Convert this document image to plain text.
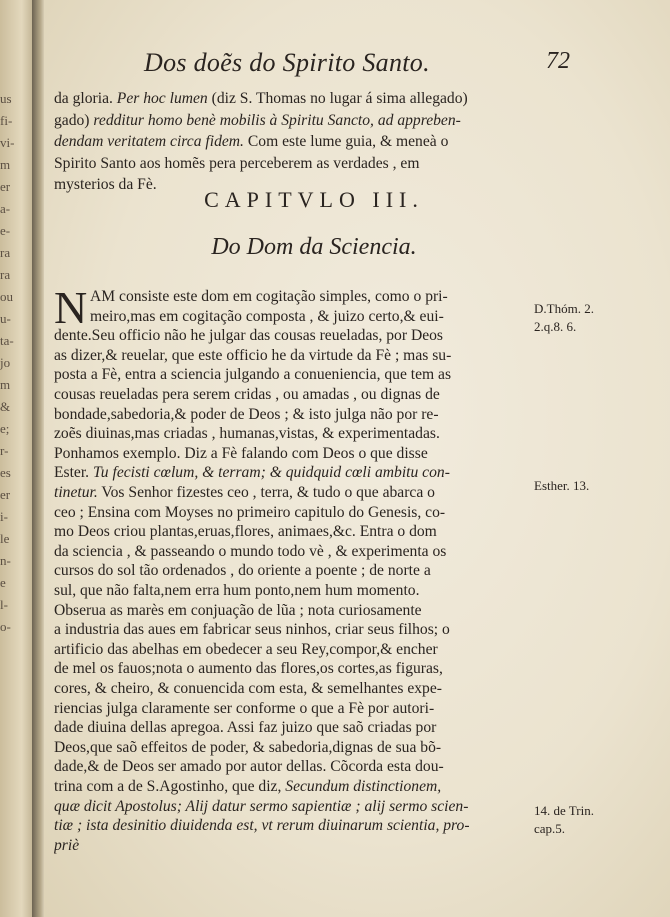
us
fi-
vi-
m
er
a-
e-
ra
ra
ou
u-
ta-
jo
m
&
e;
r-
es
er
i-
le
n-
e
l-
o-
Dos doẽs do Spirito Santo.	72
da gloria. Per hoc lumen (diz S. Thomas no lugar á sima allegado)
gado) redditur homo benè mobilis à Spiritu Sancto, ad appreben-
dendam veritatem circa fidem. Com este lume guia, & meneà o
Spirito Santo aos homẽs pera perceberem as verdades , em
mysterios da Fè.
CAPITVLO III.
Do Dom da Sciencia.
N AM consiste este dom em cogitação simples, como o pri-
meiro,mas em cogitação composta , & juizo certo,& eui-
dente.Seu officio não he julgar das cousas reueladas, por Deos
as dizer,& reuelar, que este officio he da virtude da Fè ; mas su-
posta a Fè, entra a sciencia julgando a conueniencia, que tem as
cousas reueladas pera serem cridas , ou amadas , ou dignas de
bondade,sabedoria,& poder de Deos ; & isto julga não por re-
zoẽs diuinas,mas criadas , humanas,vistas, & experimentadas.
Ponhamos exemplo. Diz a Fè falando com Deos o que disse
Ester. Tu fecisti cœlum, & terram; & quidquid cœli ambitu con-
tinetur. Vos Senhor fizestes ceo , terra, & tudo o que abarca o
ceo ; Ensina com Moyses no primeiro capitulo do Genesis, co-
mo Deos criou plantas,eruas,flores, animaes,&c. Entra o dom
da sciencia , & passeando o mundo todo vè , & experimenta os
cursos do sol tão ordenados , do oriente a poente ; de norte a
sul, que não falta,nem erra hum ponto,nem hum momento.
Obserua as marès em conjuação de lũa ; nota curiosamente
a industria das aues em fabricar seus ninhos, criar seus filhos; o
artificio das abelhas em obedecer a seu Rey,compor,& encher
de mel os fauos;nota o aumento das flores,os cortes,as figuras,
cores, & cheiro, & conuencida com esta, & semelhantes expe-
riencias julga claramente ser conforme o que a Fè por autori-
dade diuina dellas apregoa. Assi faz juizo que saõ criadas por
Deos,que saõ effeitos de poder, & sabedoria,dignas de sua bõ-
dade,& de Deos ser amado por autor dellas. Cõcorda esta dou-
trina com a de S.Agostinho, que diz, Secundum distinctionem,
quæ dicit Apostolus; Alij datur sermo sapientiæ ; alij sermo scien-
tiæ ; ista desinitio diuidenda est, vt rerum diuinarum scientia, pro-
priè
D.Thóm. 2.
2.q.8. 6.
Esther. 13.
14. de Trin.
cap.5.
